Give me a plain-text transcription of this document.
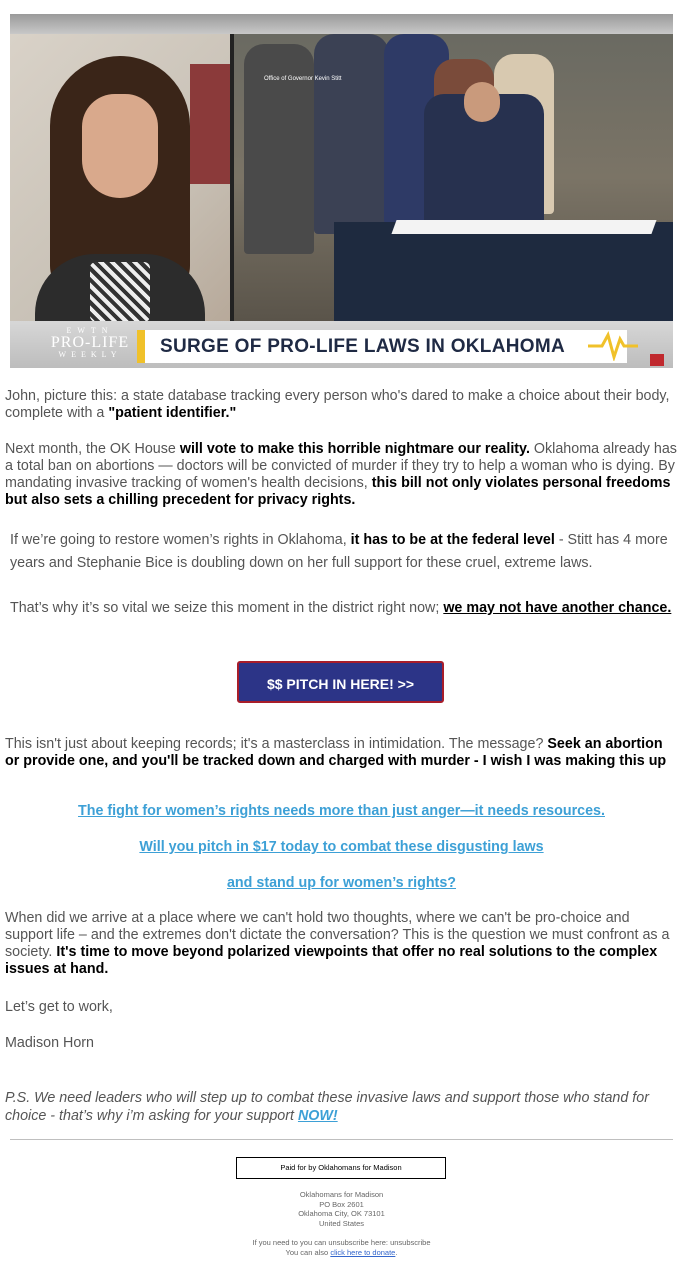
Office of Governor Kevin Stitt
EWTN
PRO-LIFE
WEEKLY	SURGE OF PRO-LIFE LAWS IN OKLAHOMA

John, picture this: a state database tracking every person who's dared to make a choice about their body, complete with a "patient identifier."

Next month, the OK House will vote to make this horrible nightmare our reality. Oklahoma already has a total ban on abortions — doctors will be convicted of murder if they try to help a woman who is dying. By mandating invasive tracking of women's health decisions, this bill not only violates personal freedoms but also sets a chilling precedent for privacy rights.

If we’re going to restore women’s rights in Oklahoma, it has to be at the federal level - Stitt has 4 more years and Stephanie Bice is doubling down on her full support for these cruel, extreme laws.

That’s why it’s so vital we seize this moment in the district right now; we may not have another chance.

$$ PITCH IN HERE! >>

This isn't just about keeping records; it's a masterclass in intimidation. The message? Seek an abortion or provide one, and you'll be tracked down and charged with murder - I wish I was making this up

The fight for women’s rights needs more than just anger—it needs resources.
Will you pitch in $17 today to combat these disgusting laws
and stand up for women’s rights?

When did we arrive at a place where we can't hold two thoughts, where we can't be pro-choice and support life – and the extremes don't dictate the conversation? This is the question we must confront as a society. It's time to move beyond polarized viewpoints that offer no real solutions to the complex issues at hand.

Let’s get to work,

Madison Horn

P.S. We need leaders who will step up to combat these invasive laws and support those who stand for choice - that’s why i’m asking for your support NOW!
Paid for by Oklahomans for Madison
Oklahomans for Madison
PO Box 2601
Oklahoma City, OK 73101
United States
If you need to you can unsubscribe here: unsubscribe
You can also click here to donate.
